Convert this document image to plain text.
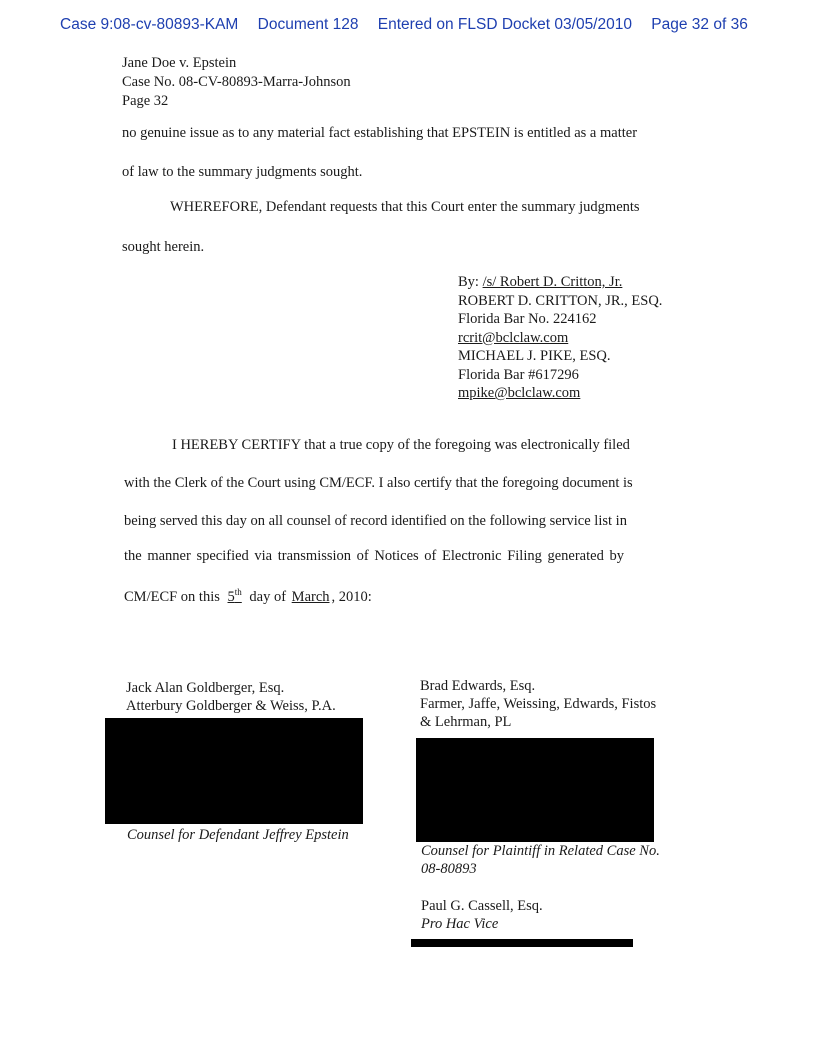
Case 9:08-cv-80893-KAM Document 128 Entered on FLSD Docket 03/05/2010 Page 32 of 36
Jane Doe v. Epstein
Case No. 08-CV-80893-Marra-Johnson
Page 32
no genuine issue as to any material fact establishing that EPSTEIN is entitled as a matter
of law to the summary judgments sought.
WHEREFORE, Defendant requests that this Court enter the summary judgments
sought herein.
By: /s/ Robert D. Critton, Jr.
ROBERT D. CRITTON, JR., ESQ.
Florida Bar No. 224162
rcrit@bclclaw.com
MICHAEL J. PIKE, ESQ.
Florida Bar #617296
mpike@bclclaw.com
I HEREBY CERTIFY that a true copy of the foregoing was electronically filed
with the Clerk of the Court using CM/ECF. I also certify that the foregoing document is
being served this day on all counsel of record identified on the following service list in
the manner specified via transmission of Notices of Electronic Filing generated by
CM/ECF on this 5th day of March , 2010:
Jack Alan Goldberger, Esq.
Atterbury Goldberger & Weiss, P.A.
Counsel for Defendant Jeffrey Epstein
Brad Edwards, Esq.
Farmer, Jaffe, Weissing, Edwards, Fistos
& Lehrman, PL
Counsel for Plaintiff in Related Case No.
08-80893
Paul G. Cassell, Esq.
Pro Hac Vice
